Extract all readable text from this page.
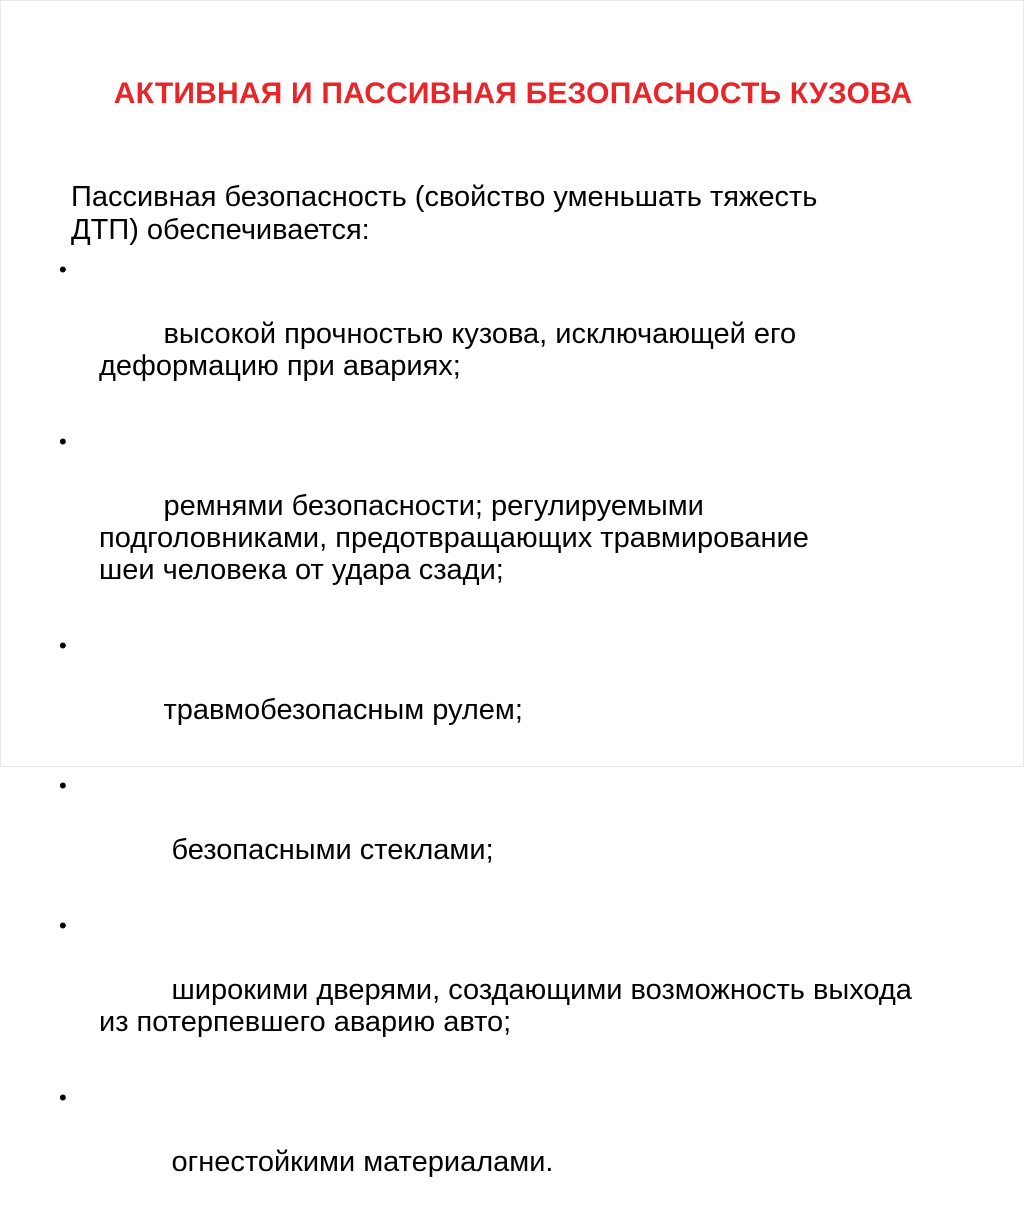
АКТИВНАЯ И ПАССИВНАЯ БЕЗОПАСНОСТЬ КУЗОВА
Пассивная безопасность (свойство уменьшать тяжесть
ДТП) обеспечивается:

•

высокой прочностью кузова, исключающей его
деформацию при авариях;

•

ремнями безопасности; регулируемыми
подголовниками, предотвращающих травмирование
шеи человека от удара сзади;

•

травмобезопасным рулем;

•

безопасными стеклами;

•

широкими дверями, создающими возможность выхода
из потерпевшего аварию авто;

•

огнестойкими материалами.
